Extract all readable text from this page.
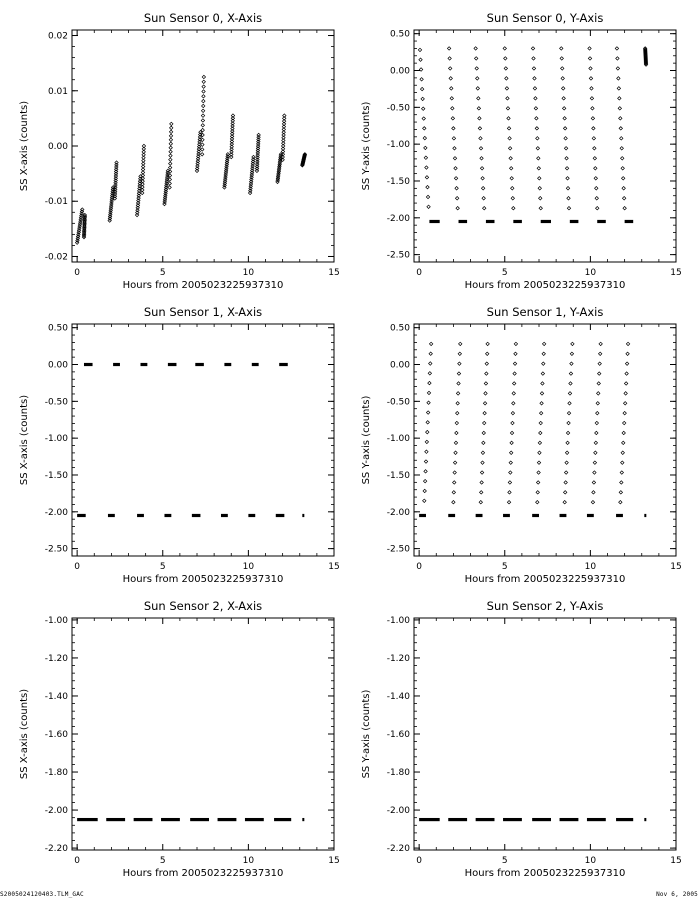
Sun Sensor 0, X-Axis
0	5	10	15
-0.02
-0.01
0.00
0.01
0.02
Hours from 2005023225937310
SS X-axis (counts)
Sun Sensor 0, Y-Axis
0	5	10	15
-2.50
-2.00
-1.50
-1.00
-0.50
0.00
0.50
Hours from 2005023225937310
SS Y-axis (counts)
Sun Sensor 1, X-Axis
0	5	10	15
-2.50
-2.00
-1.50
-1.00
-0.50
0.00
0.50
Hours from 2005023225937310
SS X-axis (counts)
Sun Sensor 1, Y-Axis
0	5	10	15
-2.50
-2.00
-1.50
-1.00
-0.50
0.00
0.50
Hours from 2005023225937310
SS Y-axis (counts)
Sun Sensor 2, X-Axis
0	5	10	15
-2.20
-2.00
-1.80
-1.60
-1.40
-1.20
-1.00
Hours from 2005023225937310
SS X-axis (counts)
Sun Sensor 2, Y-Axis
0	5	10	15
-2.20
-2.00
-1.80
-1.60
-1.40
-1.20
-1.00
Hours from 2005023225937310
SS Y-axis (counts)
S2005024120403.TLM_GAC	Nov 6, 2005
